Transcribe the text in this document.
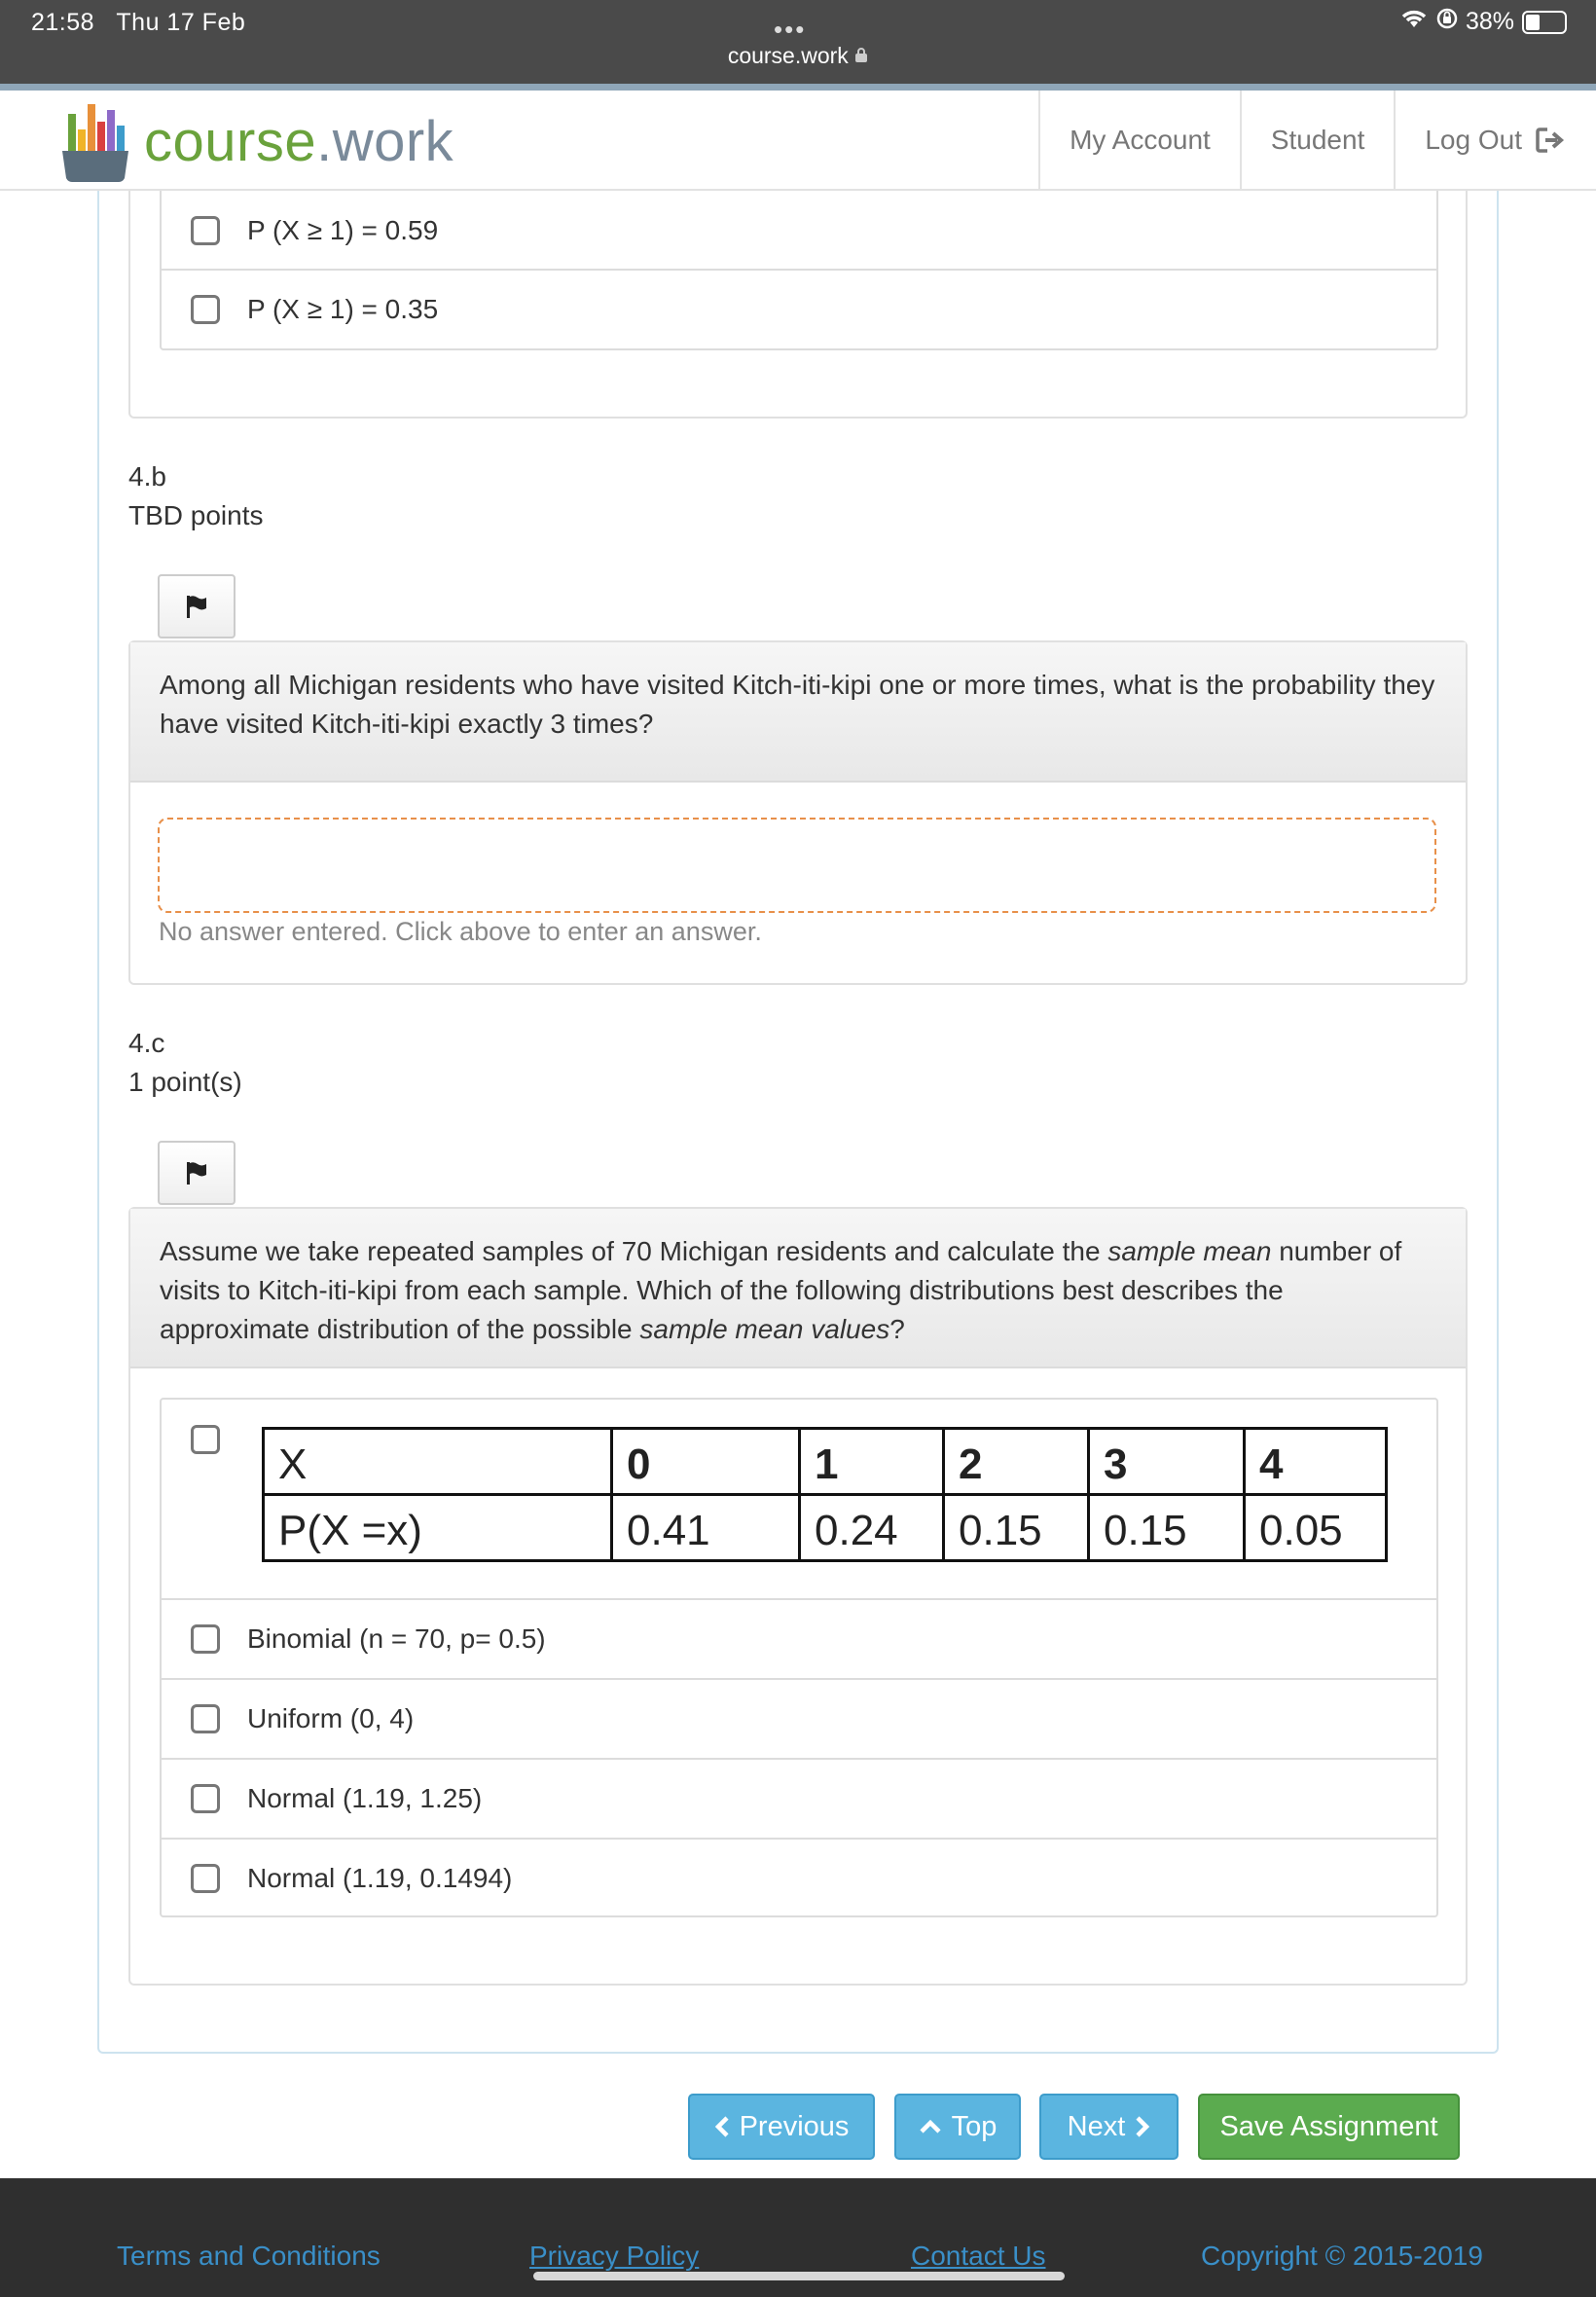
21:58 Thu 17 Feb	•••
course.work
38%
course.work	My Account	Student	Log Out
P (X ≥ 1) = 0.59
P (X ≥ 1) = 0.35
4.b
TBD points
Among all Michigan residents who have visited Kitch-iti-kipi one or more times, what is the probability they have visited Kitch-iti-kipi exactly 3 times?
No answer entered. Click above to enter an answer.
4.c
1 point(s)
Assume we take repeated samples of 70 Michigan residents and calculate the sample mean number of visits to Kitch-iti-kipi from each sample. Which of the following distributions best describes the approximate distribution of the possible sample mean values?
Binomial (n = 70, p= 0.5)
Uniform (0, 4)
Normal (1.19, 1.25)
Normal (1.19, 0.1494)
X	0	1	2	3	4
P(X =x)	0.41	0.24	0.15	0.15	0.05
Previous	Top Next	Save Assignment
Terms and Conditions	Privacy Policy	Contact Us	Copyright © 2015-2019
